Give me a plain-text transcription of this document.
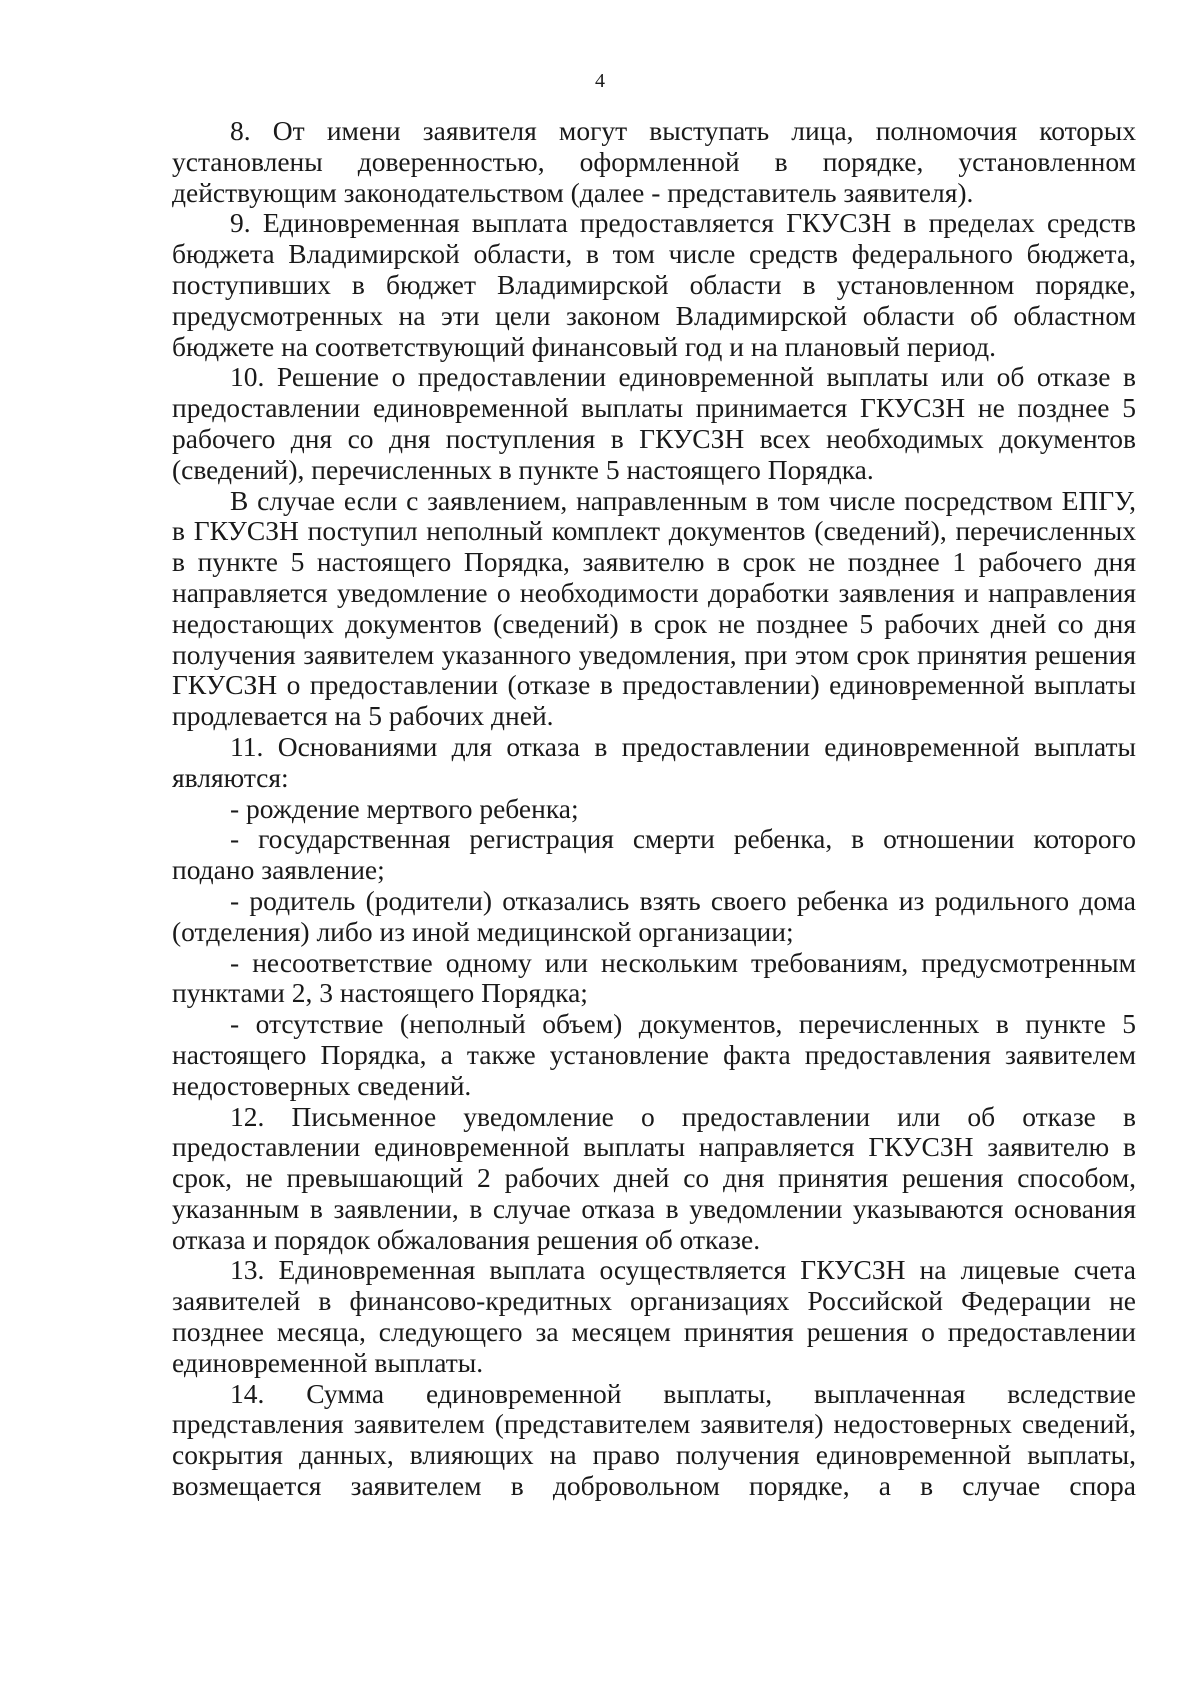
4

8. От имени заявителя могут выступать лица, полномочия которых установлены доверенностью, оформленной в порядке, установленном действующим законодательством (далее - представитель заявителя).

9. Единовременная выплата предоставляется ГКУСЗН в пределах средств бюджета Владимирской области, в том числе средств федерального бюджета, поступивших в бюджет Владимирской области в установленном порядке, предусмотренных на эти цели законом Владимирской области об областном бюджете на соответствующий финансовый год и на плановый период.

10. Решение о предоставлении единовременной выплаты или об отказе в предоставлении единовременной выплаты принимается ГКУСЗН не позднее 5 рабочего дня со дня поступления в ГКУСЗН всех необходимых документов (сведений), перечисленных в пункте 5 настоящего Порядка.

В случае если с заявлением, направленным в том числе посредством ЕПГУ, в ГКУСЗН поступил неполный комплект документов (сведений), перечисленных в пункте 5 настоящего Порядка, заявителю в срок не позднее 1 рабочего дня направляется уведомление о необходимости доработки заявления и направления недостающих документов (сведений) в срок не позднее 5 рабочих дней со дня получения заявителем указанного уведомления, при этом срок принятия решения ГКУСЗН о предоставлении (отказе в предоставлении) единовременной выплаты продлевается на 5 рабочих дней.

11. Основаниями для отказа в предоставлении единовременной выплаты являются:

- рождение мертвого ребенка;

- государственная регистрация смерти ребенка, в отношении которого подано заявление;

- родитель (родители) отказались взять своего ребенка из родильного дома (отделения) либо из иной медицинской организации;

- несоответствие одному или нескольким требованиям, предусмотренным пунктами 2, 3 настоящего Порядка;

- отсутствие (неполный объем) документов, перечисленных в пункте 5 настоящего Порядка, а также установление факта предоставления заявителем недостоверных сведений.

12. Письменное уведомление о предоставлении или об отказе в предоставлении единовременной выплаты направляется ГКУСЗН заявителю в срок, не превышающий 2 рабочих дней со дня принятия решения способом, указанным в заявлении, в случае отказа в уведомлении указываются основания отказа и порядок обжалования решения об отказе.

13. Единовременная выплата осуществляется ГКУСЗН на лицевые счета заявителей в финансово-кредитных организациях Российской Федерации не позднее месяца, следующего за месяцем принятия решения о предоставлении единовременной выплаты.

14. Сумма единовременной выплаты, выплаченная вследствие представления заявителем (представителем заявителя) недостоверных сведений, сокрытия данных, влияющих на право получения единовременной выплаты, возмещается заявителем в добровольном порядке, а в случае спора
